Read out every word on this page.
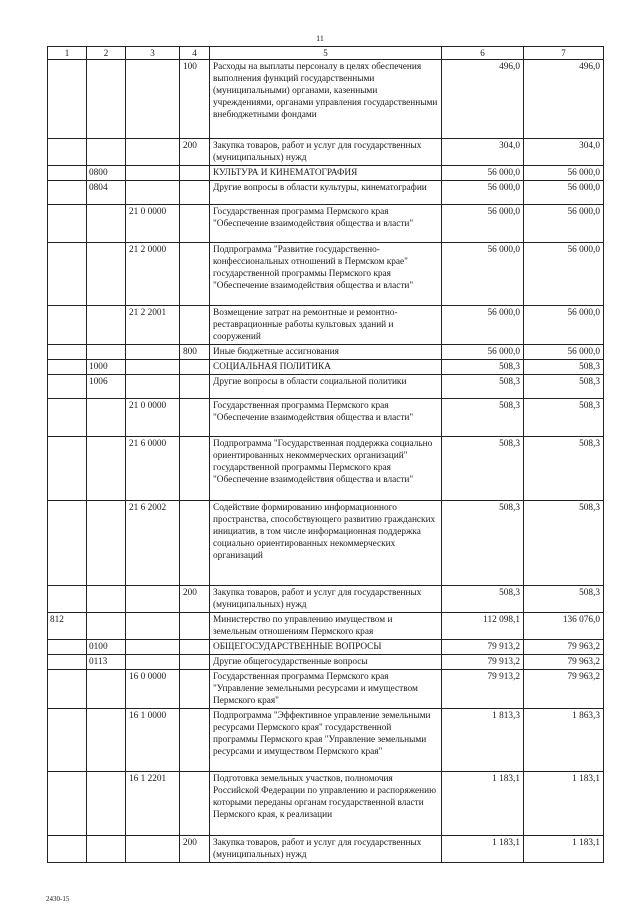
11
1	2	3	4	5	6	7
			100	Расходы на выплаты персоналу в целях обеспечения выполнения функций государственными (муниципальными) органами, казенными учреждениями, органами управления государственными внебюджетными фондами	496,0	496,0
			200	Закупка товаров, работ и услуг для государственных (муниципальных) нужд	304,0	304,0
	0800			КУЛЬТУРА И КИНЕМАТОГРАФИЯ	56 000,0	56 000,0
	0804			Другие вопросы в области культуры, кинематографии	56 000,0	56 000,0
		21 0 0000		Государственная программа Пермского края "Обеспечение взаимодействия общества и власти"	56 000,0	56 000,0
		21 2 0000		Подпрограмма "Развитие государственно-конфессиональных отношений в Пермском крае" государственной программы Пермского края "Обеспечение взаимодействия общества и власти"	56 000,0	56 000,0
		21 2 2001		Возмещение затрат на ремонтные и ремонтно-реставрационные работы культовых зданий и сооружений	56 000,0	56 000,0
			800	Иные бюджетные ассигнования	56 000,0	56 000,0
	1000			СОЦИАЛЬНАЯ ПОЛИТИКА	508,3	508,3
	1006			Другие вопросы в области социальной политики	508,3	508,3
		21 0 0000		Государственная программа Пермского края "Обеспечение взаимодействия общества и власти"	508,3	508,3
		21 6 0000		Подпрограмма "Государственная поддержка социально ориентированных некоммерческих организаций" государственной программы Пермского края "Обеспечение взаимодействия общества и власти"	508,3	508,3
		21 6 2002		Содействие формированию информационного пространства, способствующего развитию гражданских инициатив, в том числе информационная поддержка социально ориентированных некоммерческих организаций	508,3	508,3
			200	Закупка товаров, работ и услуг для государственных (муниципальных) нужд	508,3	508,3
812				Министерство по управлению имуществом и земельным отношениям Пермского края	112 098,1	136 076,0
	0100			ОБЩЕГОСУДАРСТВЕННЫЕ ВОПРОСЫ	79 913,2	79 963,2
	0113			Другие общегосударственные вопросы	79 913,2	79 963,2
		16 0 0000		Государственная программа Пермского края "Управление земельными ресурсами и имуществом Пермского края"	79 913,2	79 963,2
		16 1 0000		Подпрограмма "Эффективное управление земельными ресурсами Пермского края" государственной программы Пермского края "Управление земельными ресурсами и имуществом Пермского края"	1 813,3	1 863,3
		16 1 2201		Подготовка земельных участков, полномочия Российской Федерации по управлению и распоряжению которыми переданы органам государственной власти Пермского края, к реализации	1 183,1	1 183,1
			200	Закупка товаров, работ и услуг для государственных (муниципальных) нужд	1 183,1	1 183,1
2430-15
